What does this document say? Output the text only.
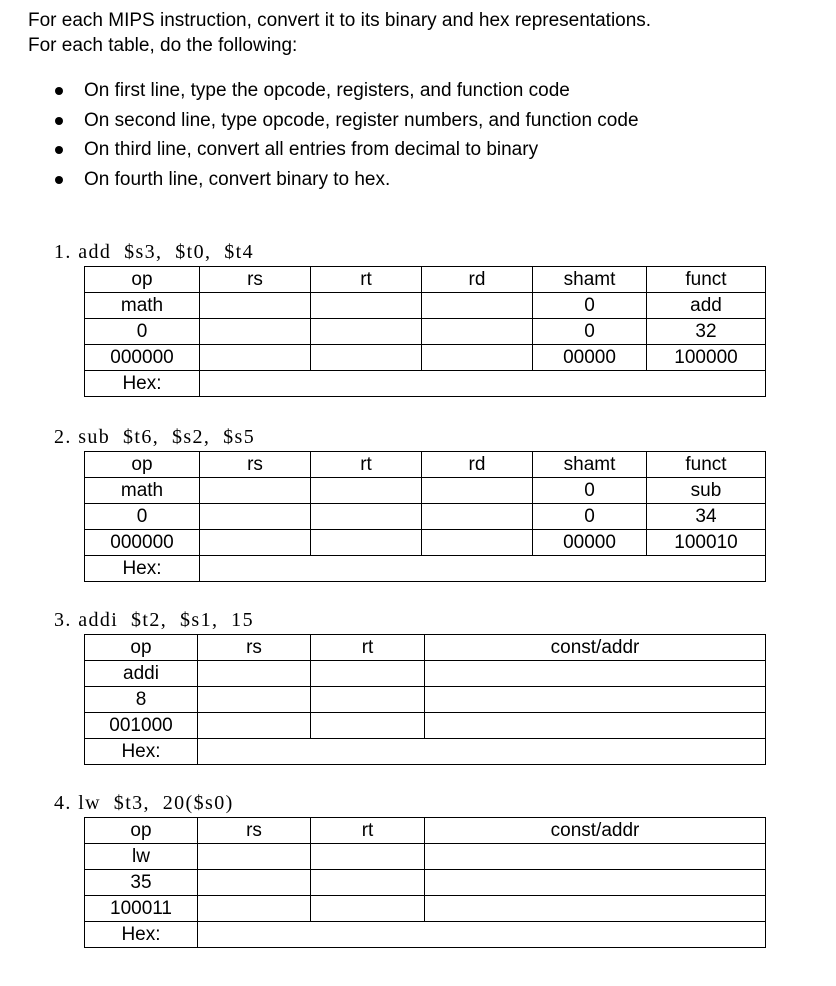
For each MIPS instruction, convert it to its binary and hex representations.

For each table, do the following:

On first line, type the opcode, registers, and function code
On second line, type opcode, register numbers, and function code
On third line, convert all entries from decimal to binary
On fourth line, convert binary to hex.
1. add  $s3,  $t0,  $t4
op	rs	rt	rd	shamt	funct
math				0	add
0				0	32
000000				00000	100000
Hex:					
2. sub  $t6,  $s2,  $s5
op	rs	rt	rd	shamt	funct
math				0	sub
0				0	34
000000				00000	100010
Hex:					
3. addi  $t2,  $s1,  15
op	rs	rt	const/addr
addi			
8			
001000			
Hex:			
4. lw  $t3,  20($s0)
op	rs	rt	const/addr
lw			
35			
100011			
Hex:			
